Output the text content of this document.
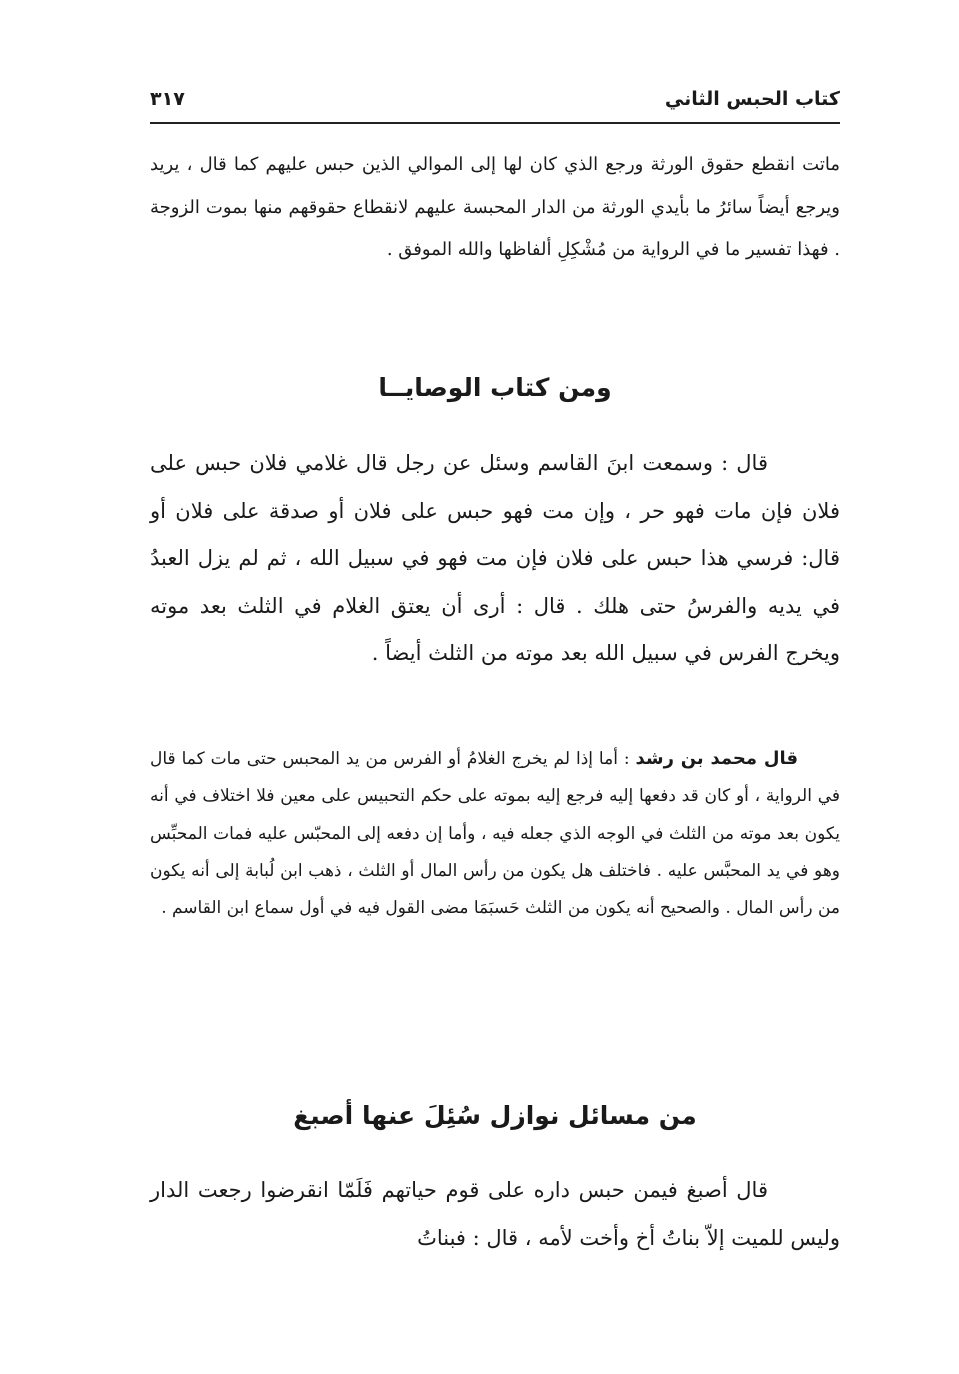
كتاب الحبس الثاني
٣١٧

ماتت انقطع حقوق الورثة ورجع الذي كان لها إلى الموالي الذين حبس عليهم كما قال ، يريد ويرجع أيضاً سائرُ ما بأيدي الورثة من الدار المحبسة عليهم لانقطاع حقوقهم منها بموت الزوجة . فهذا تفسير ما في الرواية من مُشْكِلِ ألفاظها والله الموفق .

ومن كتاب الوصايــا

قال : وسمعت ابنَ القاسم وسئل عن رجل قال غلامي فلان حبس على فلان فإن مات فهو حر ، وإن مت فهو حبس على فلان أو صدقة على فلان أو قال: فرسي هذا حبس على فلان فإن مت فهو في سبيل الله ، ثم لم يزل العبدُ في يديه والفرسُ حتى هلك . قال : أرى أن يعتق الغلام في الثلث بعد موته ويخرج الفرس في سبيل الله بعد موته من الثلث أيضاً .

قال محمد بن رشد : أما إذا لم يخرج الغلامُ أو الفرس من يد المحبس حتى مات كما قال في الرواية ، أو كان قد دفعها إليه فرجع إليه بموته على حكم التحبيس على معين فلا اختلاف في أنه يكون بعد موته من الثلث في الوجه الذي جعله فيه ، وأما إن دفعه إلى المحبّس عليه فمات المحبِّس وهو في يد المحبَّس عليه . فاختلف هل يكون من رأس المال أو الثلث ، ذهب ابن لُبابة إلى أنه يكون من رأس المال . والصحيح أنه يكون من الثلث حَسبَمَا مضى القول فيه في أول سماع ابن القاسم .

من مسائل نوازل سُئِلَ عنها أصبغ

قال أصبغ فيمن حبس داره على قوم حياتهم فَلَمّا انقرضوا رجعت الدار وليس للميت إلاّ بناتُ أخ وأخت لأمه ، قال : فبناتُ
